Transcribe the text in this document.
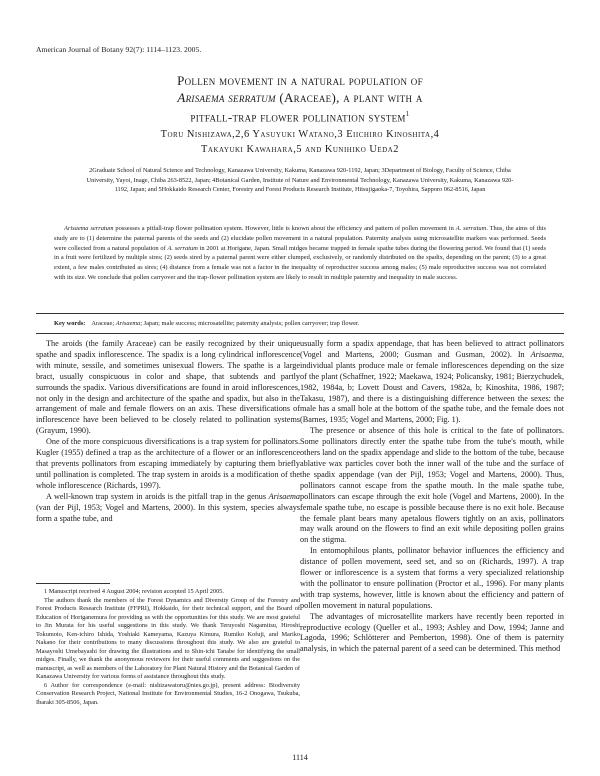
American Journal of Botany 92(7): 1114–1123. 2005.
Pollen movement in a natural population of
Arisaema serratum (Araceae), a plant with a
pitfall-trap flower pollination system$^1$
Toru Nishizawa,2,6 Yasuyuki Watano,3 Eiichiro Kinoshita,4
Takayuki Kawahara,5 and Kunihiko Ueda2
2Graduate School of Natural Science and Technology, Kanazawa University, Kakuma, Kanazawa 920-1192, Japan; 3Department of Biology, Faculty of Science, Chiba University, Yayoi, Inage, Chiba 263-8522, Japan; 4Botanical Garden, Institute of Nature and Environmental Technology, Kanazawa University, Kakuma, Kanazawa 920-1192, Japan; and 5Hokkaido Research Center, Forestry and Forest Products Research Institute, Hitsujigaoka-7, Toyohira, Sapporo 062-8516, Japan
Arisaema serratum possesses a pitfall-trap flower pollination system. However, little is known about the efficiency and pattern of pollen movement in A. serratum. Thus, the aims of this study are to (1) determine the paternal parents of the seeds and (2) elucidate pollen movement in a natural population. Paternity analysis using microsatellite markers was performed. Seeds were collected from a natural population of A. serratum in 2001 at Horigane, Japan. Small midges became trapped in female spathe tubes during the flowering period. We found that (1) seeds in a fruit were fertilized by multiple sires; (2) seeds sired by a paternal parent were either clumped, exclusively, or randomly distributed on the spadix, depending on the parent; (3) to a great extent, a few males contributed as sires; (4) distance from a female was not a factor in the inequality of reproductive success among males; (5) male reproductive success was not correlated with its size. We conclude that pollen carryover and the trap-flower pollination system are likely to result in multiple paternity and inequality in male success.
Key words: Araceae; Arisaema; Japan; male success; microsatellite; paternity analysis; pollen carryover; trap flower.

The aroids (the family Araceae) can be easily recognized by their unique spathe and spadix inflorescence. The spadix is a long cylindrical inflorescence with minute, sessile, and sometimes unisexual flowers. The spathe is a large bract, usually conspicuous in color and shape, that subtends and partly surrounds the spadix. Various diversifications are found in aroid inflorescences, not only in the design and architecture of the spathe and spadix, but also in the arrangement of male and female flowers on an axis. These diversifications of inflorescence have been believed to be closely related to pollination systems (Grayum, 1990).

One of the more conspicuous diversifications is a trap system for pollinators. Kugler (1955) defined a trap as the architecture of a flower or an inflorescence that prevents pollinators from escaping immediately by capturing them briefly until pollination is completed. The trap system in aroids is a modification of the whole inflorescence (Richards, 1997).

A well-known trap system in aroids is the pitfall trap in the genus Arisaema (van der Pijl, 1953; Vogel and Martens, 2000). In this system, species always form a spathe tube, and

1 Manuscript received 4 August 2004; revision accepted 15 April 2005.

The authors thank the members of the Forest Dynamics and Diversity Group of the Forestry and Forest Products Research Institute (FFPRI), Hokkaido, for their technical support, and the Board of Education of Horiganemura for providing us with the opportunities for this study. We are most grateful to Jin Murata for his useful suggestions in this study. We thank Teruyoshi Nagamitsu, Hiroshi Tokumoto, Ken-ichiro Ishida, Yoshiaki Kameyama, Kazuya Kimura, Rumiko Kofuji, and Mariko Nakano for their contributions to many discussions throughout this study. We also are grateful to Masayoshi Umebayashi for drawing the illustrations and to Shin-ichi Tanabe for identifying the small midges. Finally, we thank the anonymous reviewers for their useful comments and suggestions on the manuscript, as well as members of the Laboratory for Plant Natural History and the Botanical Garden of Kanazawa University for various forms of assistance throughout this study.

6 Author for correspondence (e-mail: nishizawatoru@nies.go.jp), present address: Biodiversity Conservation Research Project, National Institute for Environmental Studies, 16-2 Onogawa, Tsukuba, Ibaraki 305-8506, Japan.

usually form a spadix appendage, that has been believed to attract pollinators (Vogel and Martens, 2000; Gusman and Gusman, 2002). In Arisaema, individual plants produce male or female inflorescences depending on the size of the plant (Schaffner, 1922; Maekawa, 1924; Policansky, 1981; Bierzychudek, 1982, 1984a, b; Lovett Doust and Cavers, 1982a, b; Kinoshita, 1986, 1987; Takasu, 1987), and there is a distinguishing difference between the sexes: the male has a small hole at the bottom of the spathe tube, and the female does not (Barnes, 1935; Vogel and Martens, 2000; Fig. 1).

The presence or absence of this hole is critical to the fate of pollinators. Some pollinators directly enter the spathe tube from the tube's mouth, while others land on the spadix appendage and slide to the bottom of the tube, because ablative wax particles cover both the inner wall of the tube and the surface of the spadix appendage (van der Pijl, 1953; Vogel and Martens, 2000). Thus, pollinators cannot escape from the spathe mouth. In the male spathe tube, pollinators can escape through the exit hole (Vogel and Martens, 2000). In the female spathe tube, no escape is possible because there is no exit hole. Because the female plant bears many apetalous flowers tightly on an axis, pollinators may walk around on the flowers to find an exit while depositing pollen grains on the stigma.

In entomophilous plants, pollinator behavior influences the efficiency and distance of pollen movement, seed set, and so on (Richards, 1997). A trap flower or inflorescence is a system that forms a very specialized relationship with the pollinator to ensure pollination (Proctor et al., 1996). For many plants with trap systems, however, little is known about the efficiency and pattern of pollen movement in natural populations.

The advantages of microsatellite markers have recently been reported in reproductive ecology (Queller et al., 1993; Ashley and Dow, 1994; Janne and Lagoda, 1996; Schlötterer and Pemberton, 1998). One of them is paternity analysis, in which the paternal parent of a seed can be determined. This method

1114
